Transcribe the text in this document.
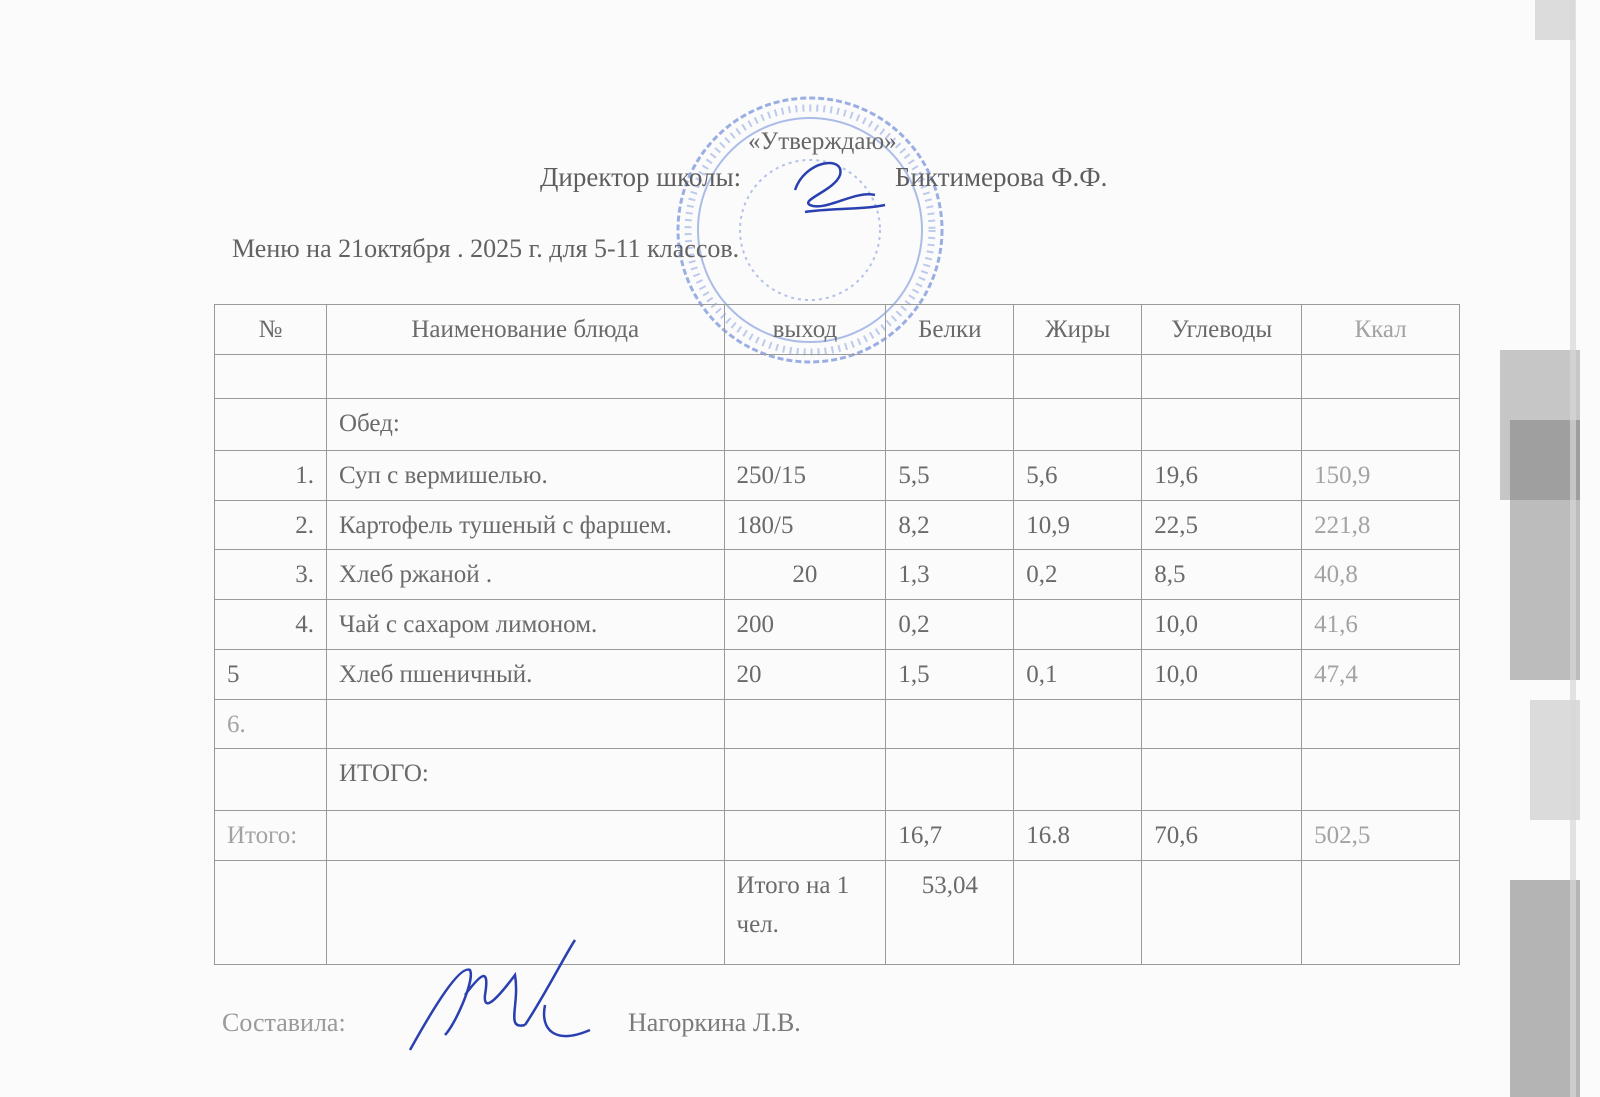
«Утверждаю»
Директор школы:	Биктимерова Ф.Ф.
Меню на 21октября . 2025 г. для 5-11 классов.
№	Наименование блюда	выход	Белки	Жиры	Углеводы	Ккал

	Обед:					
1.	Суп с вермишелью.	250/15	5,5	5,6	19,6	150,9
2.	Картофель тушеный с фаршем.	180/5	8,2	10,9	22,5	221,8
3.	Хлеб ржаной .	20	1,3	0,2	8,5	40,8
4.	Чай с сахаром лимоном.	200	0,2		10,0	41,6
5	Хлеб пшеничный.	20	1,5	0,1	10,0	47,4
6.						
	ИТОГО:					
Итого:			16,7	16.8	70,6	502,5
		Итого на 1 чел.	53,04			
Составила:	Нагоркина Л.В.
